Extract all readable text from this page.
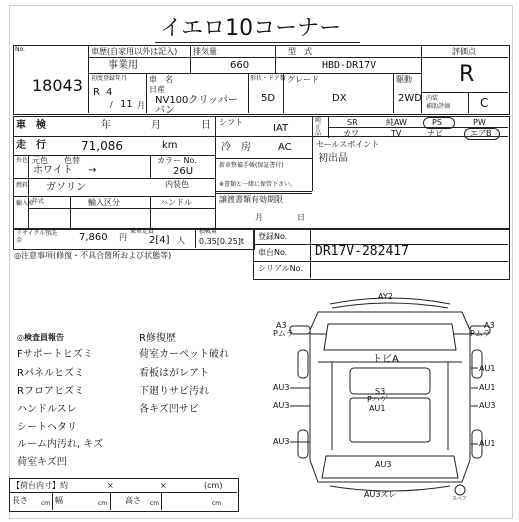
イエロ10コーナー
No.
18043
車歴(自家用以外は記入) 排気量	型　式
事業用	660	HBD-DR17V
評価点
R
内装
補助評価 C
初度登録年月
R 4
/ 11 月
車　名
日産
NV100クリッパーバン
形状・ドア数
5D
グレード
DX
駆動
2WD
車　検	年	月	日 シフト
IAT
純正品
SR	純AW	PS	PW
カワ	TV	ナビ	エアB
走　行	71,086	km	冷　房	AC	セールスポイント
初出品
外色 元色　　色替	カラー No.
ホワイト →	26U
内装色
燃料 ガソリン
輸入車
年式	輸入区分	ハンドル
新車整備手帳(保証書付)
※書類と一緒に保管下さい。
譲渡書類有効期限
月	日
リサイクル預託金	7,860 円
乗車定員
2[4] 人
積載量
0.35[0.25]t
登録No.
車台No. DR17V-282417
シリアルNo.
◎注意事項(修復・不具合箇所および状態等)
◎検査員報告
Fサポートヒズミ
Rパネルヒズミ
Rフロアヒズミ
ハンドルスレ
シートヘタリ
ルーム内汚れ, キズ
荷室キズ凹
R修復歴
荷室カーペット破れ
看板はがレアト
下廻りサビ汚れ
各キズ凹サビ
AY2
A3
Pムラ
A3
Pムラ
トビA
AU1
AU3	AU1
S3
Pハゲ
AU1
AU3	AU3
AU3	AU1
AU3
AU3ズレ	スペア
【荷台内寸】約	×	×	(cm)
長さ cm 幅	cm 高さ cm	cm
